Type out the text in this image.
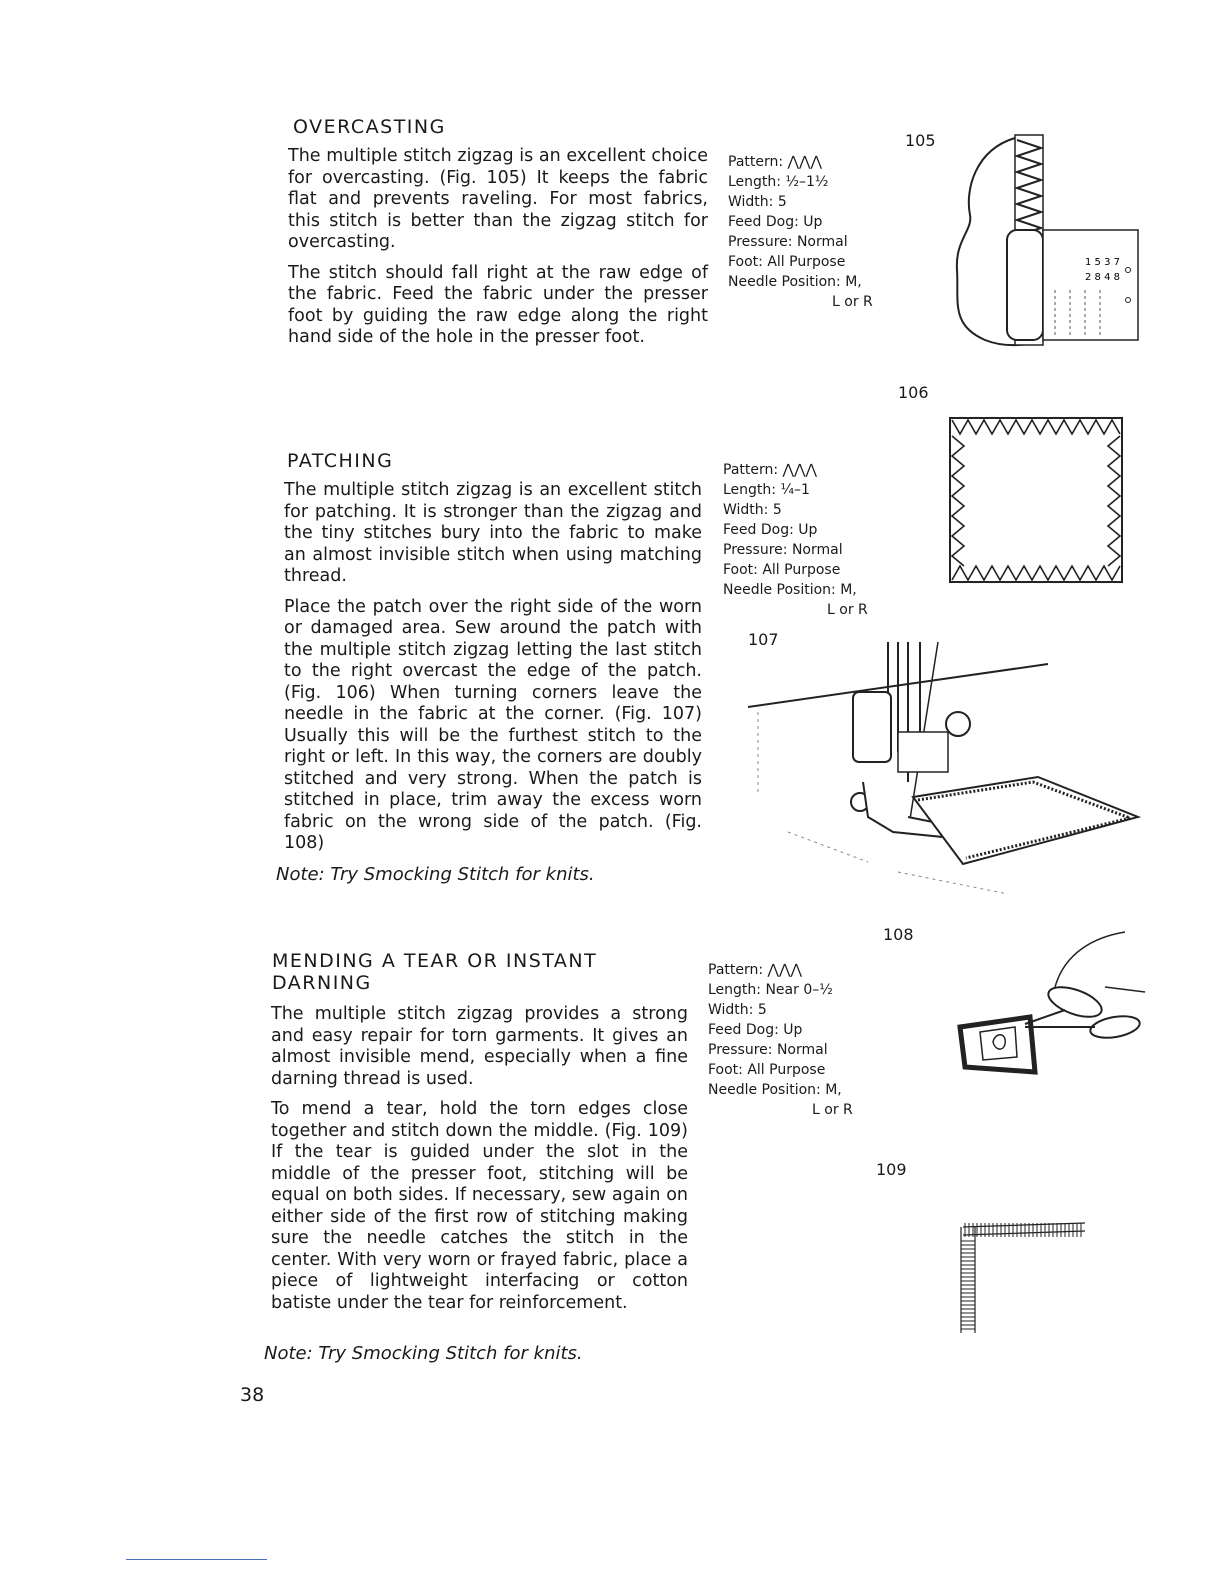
OVERCASTING

The multiple stitch zigzag is an excellent choice for overcasting. (Fig. 105) It keeps the fabric flat and prevents raveling. For most fabrics, this stitch is better than the zigzag stitch for overcasting.

The stitch should fall right at the raw edge of the fabric. Feed the fabric under the presser foot by guiding the raw edge along the right hand side of the hole in the presser foot.

Pattern: ⋀⋀⋀
Length: ½–1½
Width: 5
Feed Dog: Up
Pressure: Normal
Foot: All Purpose
Needle Position: M,
L or R
105
1 5 3 7
2 8 4 8
PATCHING

The multiple stitch zigzag is an excellent stitch for patching. It is stronger than the zigzag and the tiny stitches bury into the fabric to make an almost invisible stitch when using matching thread.

Place the patch over the right side of the worn or damaged area. Sew around the patch with the multiple stitch zigzag letting the last stitch to the right overcast the edge of the patch. (Fig. 106) When turning corners leave the needle in the fabric at the corner. (Fig. 107) Usually this will be the furthest stitch to the right or left. In this way, the corners are doubly stitched and very strong. When the patch is stitched in place, trim away the excess worn fabric on the wrong side of the patch. (Fig. 108)

Note: Try Smocking Stitch for knits.
Pattern: ⋀⋀⋀
Length: ¼–1
Width: 5
Feed Dog: Up
Pressure: Normal
Foot: All Purpose
Needle Position: M,
L or R
106
107
MENDING A TEAR OR INSTANT DARNING

The multiple stitch zigzag provides a strong and easy repair for torn garments. It gives an almost invisible mend, especially when a fine darning thread is used.

To mend a tear, hold the torn edges close together and stitch down the middle. (Fig. 109) If the tear is guided under the slot in the middle of the presser foot, stitching will be equal on both sides. If necessary, sew again on either side of the first row of stitching making sure the needle catches the stitch in the center. With very worn or frayed fabric, place a piece of lightweight interfacing or cotton batiste under the tear for reinforcement.

Note: Try Smocking Stitch for knits.
Pattern: ⋀⋀⋀
Length: Near 0–½
Width: 5
Feed Dog: Up
Pressure: Normal
Foot: All Purpose
Needle Position: M,
L or R
108
109
38
